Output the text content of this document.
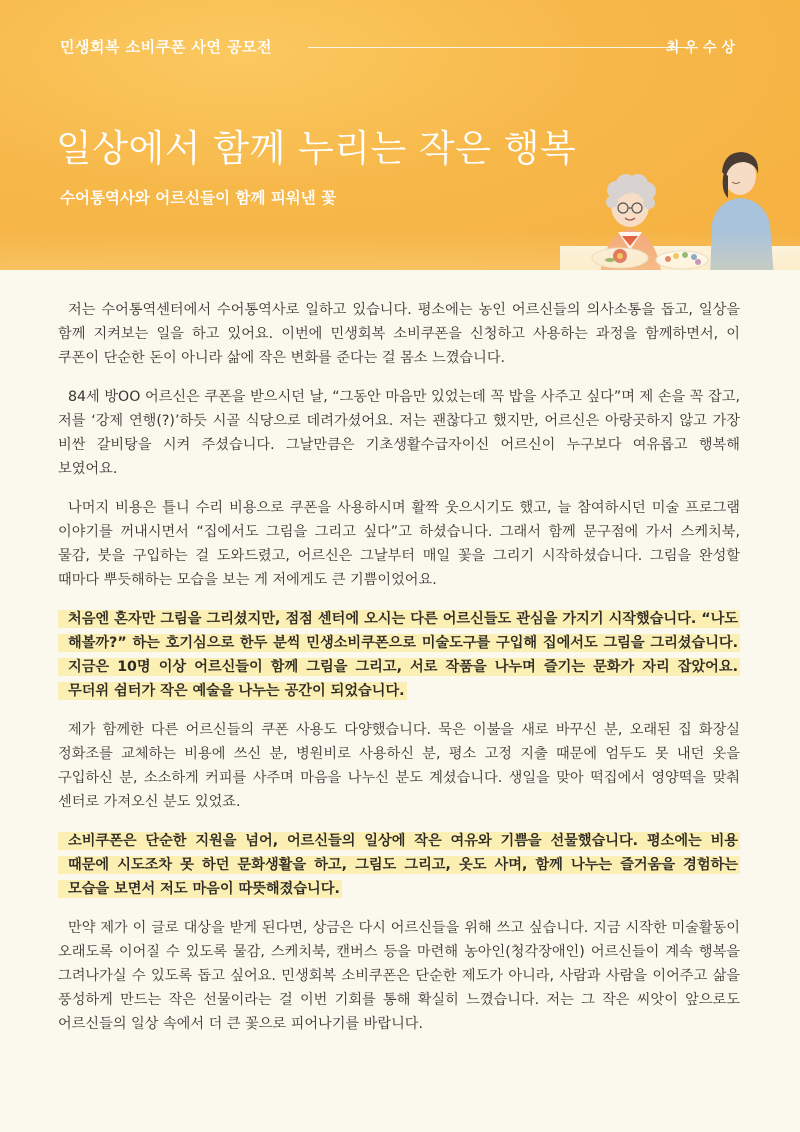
민생회복 소비쿠폰 사연 공모전	최우수상
일상에서 함께 누리는 작은 행복
수어통역사와 어르신들이 함께 피워낸 꽃

저는 수어통역센터에서 수어통역사로 일하고 있습니다. 평소에는 농인 어르신들의 의사소통을 돕고, 일상을 함께 지켜보는 일을 하고 있어요. 이번에 민생회복 소비쿠폰을 신청하고 사용하는 과정을 함께하면서, 이 쿠폰이 단순한 돈이 아니라 삶에 작은 변화를 준다는 걸 몸소 느꼈습니다.

84세 방OO 어르신은 쿠폰을 받으시던 날, “그동안 마음만 있었는데 꼭 밥을 사주고 싶다”며 제 손을 꼭 잡고, 저를 ‘강제 연행(?)’하듯 시골 식당으로 데려가셨어요. 저는 괜찮다고 했지만, 어르신은 아랑곳하지 않고 가장 비싼 갈비탕을 시켜 주셨습니다. 그날만큼은 기초생활수급자이신 어르신이 누구보다 여유롭고 행복해 보였어요.

나머지 비용은 틀니 수리 비용으로 쿠폰을 사용하시며 활짝 웃으시기도 했고, 늘 참여하시던 미술 프로그램 이야기를 꺼내시면서 “집에서도 그림을 그리고 싶다”고 하셨습니다. 그래서 함께 문구점에 가서 스케치북, 물감, 붓을 구입하는 걸 도와드렸고, 어르신은 그날부터 매일 꽃을 그리기 시작하셨습니다. 그림을 완성할 때마다 뿌듯해하는 모습을 보는 게 저에게도 큰 기쁨이었어요.

처음엔 혼자만 그림을 그리셨지만, 점점 센터에 오시는 다른 어르신들도 관심을 가지기 시작했습니다. “나도 해볼까?” 하는 호기심으로 한두 분씩 민생소비쿠폰으로 미술도구를 구입해 집에서도 그림을 그리셨습니다. 지금은 10명 이상 어르신들이 함께 그림을 그리고, 서로 작품을 나누며 즐기는 문화가 자리 잡았어요. 무더위 쉼터가 작은 예술을 나누는 공간이 되었습니다.

제가 함께한 다른 어르신들의 쿠폰 사용도 다양했습니다. 묵은 이불을 새로 바꾸신 분, 오래된 집 화장실 정화조를 교체하는 비용에 쓰신 분, 병원비로 사용하신 분, 평소 고정 지출 때문에 엄두도 못 내던 옷을 구입하신 분, 소소하게 커피를 사주며 마음을 나누신 분도 계셨습니다. 생일을 맞아 떡집에서 영양떡을 맞춰 센터로 가져오신 분도 있었죠.

소비쿠폰은 단순한 지원을 넘어, 어르신들의 일상에 작은 여유와 기쁨을 선물했습니다. 평소에는 비용 때문에 시도조차 못 하던 문화생활을 하고, 그림도 그리고, 옷도 사며, 함께 나누는 즐거움을 경험하는 모습을 보면서 저도 마음이 따뜻해졌습니다.

만약 제가 이 글로 대상을 받게 된다면, 상금은 다시 어르신들을 위해 쓰고 싶습니다. 지금 시작한 미술활동이 오래도록 이어질 수 있도록 물감, 스케치북, 캔버스 등을 마련해 농아인(청각장애인) 어르신들이 계속 행복을 그려나가실 수 있도록 돕고 싶어요. 민생회복 소비쿠폰은 단순한 제도가 아니라, 사람과 사람을 이어주고 삶을 풍성하게 만드는 작은 선물이라는 걸 이번 기회를 통해 확실히 느꼈습니다. 저는 그 작은 씨앗이 앞으로도 어르신들의 일상 속에서 더 큰 꽃으로 피어나기를 바랍니다.
